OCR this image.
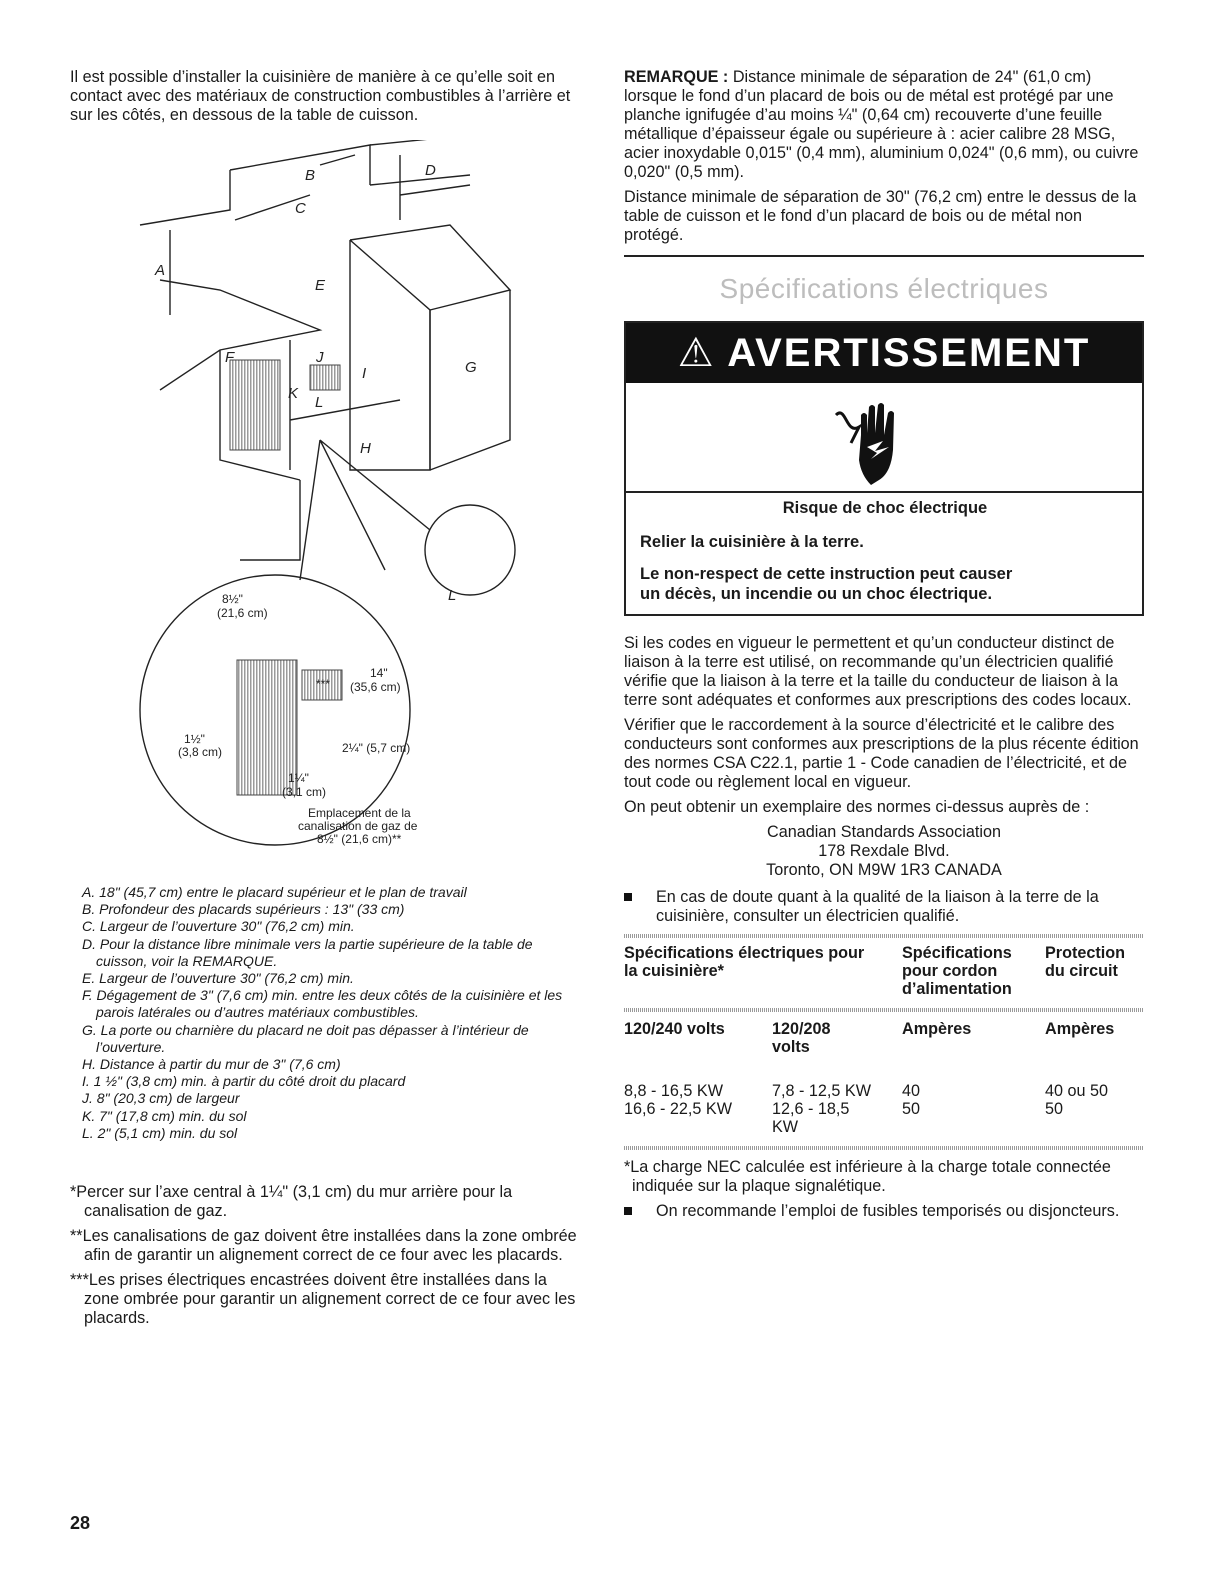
Il est possible d’installer la cuisinière de manière à ce qu’elle soit en contact avec des matériaux de construction combustibles à l’arrière et sur les côtés, en dessous de la table de cuisson.

A
B
C
D
E
F
G
H
I
J
K
L
L
8½"
(21,6 cm)
14"
(35,6 cm)
***
1½"
(3,8 cm)	2¼" (5,7 cm)
1¼"
(3,1 cm)
Emplacement de la
canalisation de gaz de
8½" (21,6 cm)**

A. 18" (45,7 cm) entre le placard supérieur et le plan de travail

B. Profondeur des placards supérieurs : 13" (33 cm)

C. Largeur de l’ouverture 30" (76,2 cm) min.

D. Pour la distance libre minimale vers la partie supérieure de la table de cuisson, voir la REMARQUE.

E. Largeur de l’ouverture 30" (76,2 cm) min.

F. Dégagement de 3" (7,6 cm) min. entre les deux côtés de la cuisinière et les parois latérales ou d’autres matériaux combustibles.

G. La porte ou charnière du placard ne doit pas dépasser à l’intérieur de l’ouverture.

H. Distance à partir du mur de 3" (7,6 cm)

I. 1 ½" (3,8 cm) min. à partir du côté droit du placard

J. 8" (20,3 cm) de largeur

K. 7" (17,8 cm) min. du sol

L. 2" (5,1 cm) min. du sol

*Percer sur l’axe central à 1¼" (3,1 cm) du mur arrière pour la canalisation de gaz.

**Les canalisations de gaz doivent être installées dans la zone ombrée afin de garantir un alignement correct de ce four avec les placards.

***Les prises électriques encastrées doivent être installées dans la zone ombrée pour garantir un alignement correct de ce four avec les placards.

28

REMARQUE : Distance minimale de séparation de 24" (61,0 cm) lorsque le fond d’un placard de bois ou de métal est protégé par une planche ignifugée d’au moins ¼" (0,64 cm) recouverte d’une feuille métallique d’épaisseur égale ou supérieure à : acier calibre 28 MSG, acier inoxydable 0,015" (0,4 mm), aluminium 0,024" (0,6 mm), ou cuivre 0,020" (0,5 mm).

Distance minimale de séparation de 30" (76,2 cm) entre le dessus de la table de cuisson et le fond d’un placard de bois ou de métal non protégé.

Spécifications électriques
⚠ AVERTISSEMENT

Risque de choc électrique

Relier la cuisinière à la terre.

Le non-respect de cette instruction peut causer

un décès, un incendie ou un choc électrique.

Si les codes en vigueur le permettent et qu’un conducteur distinct de liaison à la terre est utilisé, on recommande qu’un électricien qualifié vérifie que la liaison à la terre et la taille du conducteur de liaison à la terre sont adéquates et conformes aux prescriptions des codes locaux.

Vérifier que le raccordement à la source d’électricité et le calibre des conducteurs sont conformes aux prescriptions de la plus récente édition des normes CSA C22.1, partie 1 - Code canadien de l’électricité, et de tout code ou règlement local en vigueur.

On peut obtenir un exemplaire des normes ci-dessus auprès de :

Canadian Standards Association

178 Rexdale Blvd.

Toronto, ON M9W 1R3 CANADA

En cas de doute quant à la qualité de la liaison à la terre de la cuisinière, consulter un électricien qualifié.

Spécifications électriques pour la cuisinière*		Spécifications pour cordon d’alimentation	Protection du circuit

120/240 volts	120/208 volts	Ampères	Ampères

8,8 - 16,5 KW	7,8 - 12,5 KW	40	40 ou 50
16,6 - 22,5 KW	12,6 - 18,5 KW	50	50

*La charge NEC calculée est inférieure à la charge totale connectée indiquée sur la plaque signalétique.

On recommande l’emploi de fusibles temporisés ou disjoncteurs.
